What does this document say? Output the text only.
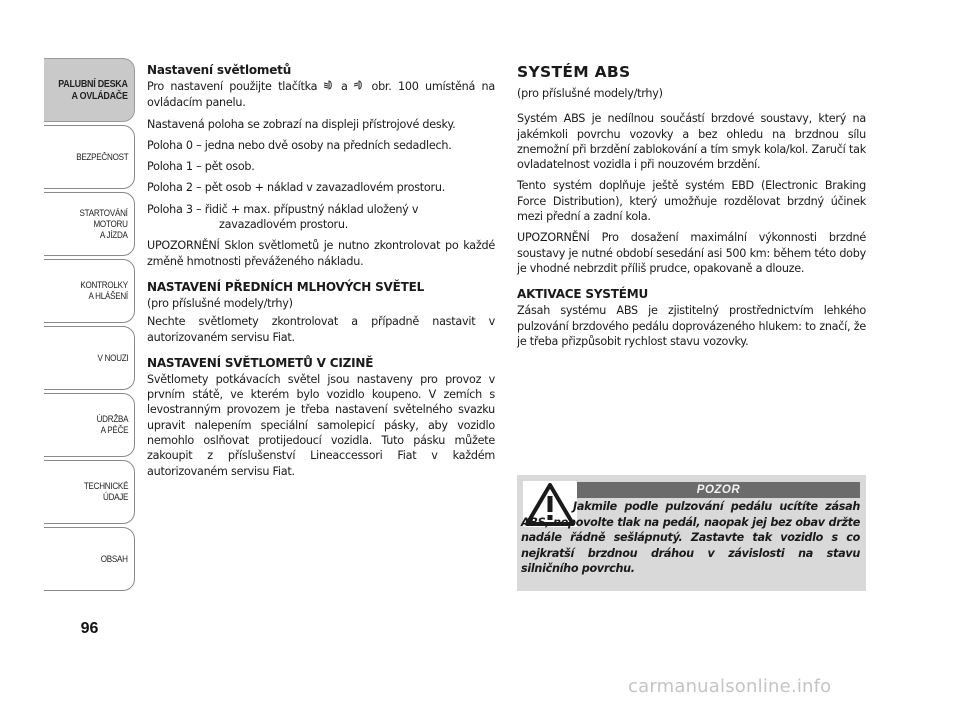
PALUBNÍ DESKA
A OVLÁDAČE
BEZPEČNOST
STARTOVÁNÍ
MOTORU
A JÍZDA
KONTROLKY
A HLÁŠENÍ
V NOUZI
ÚDRŽBA
A PÉČE
TECHNICKÉ
ÚDAJE
OBSAH
96
Nastavení světlometů

Pro nastavení použijte tlačítka  a  obr. 100 umístěná na ovládacím panelu.

Nastavená poloha se zobrazí na displeji přístrojové desky.

Poloha 0 – jedna nebo dvě osoby na předních sedadlech.

Poloha 1 – pět osob.

Poloha 2 – pět osob + náklad v zavazadlovém prostoru.

Poloha 3 – řidič + max. přípustný náklad uložený v zavazadlovém prostoru.

UPOZORNĚNÍ Sklon světlometů je nutno zkontrolovat po každé změně hmotnosti převáženého nákladu.

NASTAVENÍ PŘEDNÍCH MLHOVÝCH SVĚTEL

(pro příslušné modely/trhy)

Nechte světlomety zkontrolovat a případně nastavit v autorizovaném servisu Fiat.

NASTAVENÍ SVĚTLOMETŮ V CIZINĚ

Světlomety potkávacích světel jsou nastaveny pro provoz v prvním státě, ve kterém bylo vozidlo koupeno. V zemích s levostranným provozem je třeba nastavení světelného svazku upravit nalepením speciální samolepicí pásky, aby vozidlo nemohlo oslňovat protijedoucí vozidla. Tuto pásku můžete zakoupit z příslušenství Lineaccessori Fiat v každém autorizovaném servisu Fiat.

SYSTÉM ABS

(pro příslušné modely/trhy)

Systém ABS je nedílnou součástí brzdové soustavy, který na jakémkoli povrchu vozovky a bez ohledu na brzdnou sílu znemožní při brzdění zablokování a tím smyk kola/kol. Zaručí tak ovladatelnost vozidla i při nouzovém brzdění.

Tento systém doplňuje ještě systém EBD (Electronic Braking Force Distribution), který umožňuje rozdělovat brzdný účinek mezi přední a zadní kola.

UPOZORNĚNÍ Pro dosažení maximální výkonnosti brzdné soustavy je nutné období sesedání asi 500 km: během této doby je vhodné nebrzdit příliš prudce, opakovaně a dlouze.

AKTIVACE SYSTÉMU

Zásah systému ABS je zjistitelný prostřednictvím lehkého pulzování brzdového pedálu doprovázeného hlukem: to značí, že je třeba přizpůsobit rychlost stavu vozovky.

POZOR
Jakmile podle pulzování pedálu ucítíte zásah ABS, nepovolte tlak na pedál, naopak jej bez obav držte nadále řádně sešlápnutý. Zastavte tak vozidlo s co nejkratší brzdnou dráhou v závislosti na stavu silničního povrchu.
carmanualsonline.info
